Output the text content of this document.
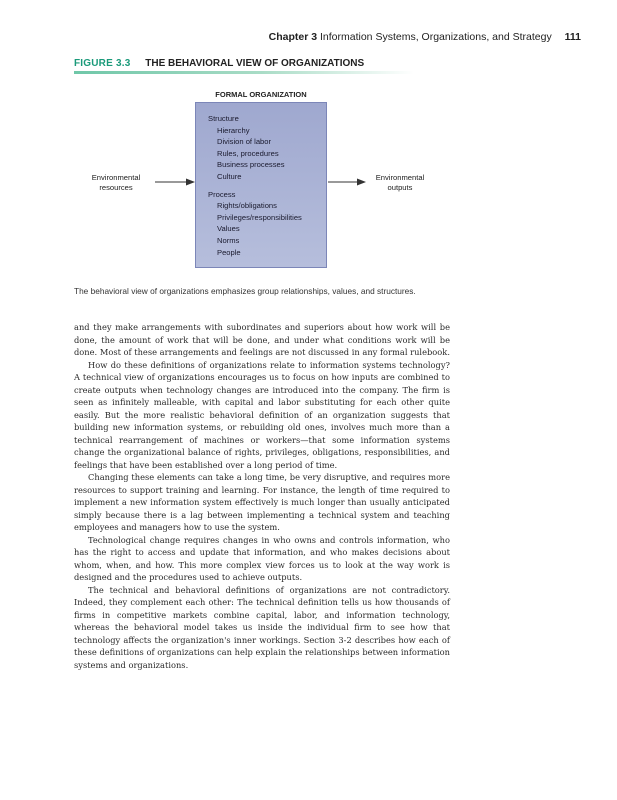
Chapter 3 Information Systems, Organizations, and Strategy 111
FIGURE 3.3 THE BEHAVIORAL VIEW OF ORGANIZATIONS
FORMAL ORGANIZATION
Structure
Hierarchy
Division of labor
Rules, procedures
Business processes
Culture
Process
Rights/obligations
Privileges/responsibilities
Values
Norms
People
Environmental
resources
Environmental
outputs
The behavioral view of organizations emphasizes group relationships, values, and structures.

and they make arrangements with subordinates and superiors about how work will be done, the amount of work that will be done, and under what conditions work will be done. Most of these arrangements and feelings are not discussed in any formal rulebook.

How do these definitions of organizations relate to information systems technology? A technical view of organizations encourages us to focus on how inputs are combined to create outputs when technology changes are introduced into the company. The firm is seen as infinitely malleable, with capital and labor substituting for each other quite easily. But the more realistic behavioral definition of an organization suggests that building new information systems, or rebuilding old ones, involves much more than a technical rearrangement of machines or workers—that some information systems change the organizational balance of rights, privileges, obligations, responsibilities, and feelings that have been established over a long period of time.

Changing these elements can take a long time, be very disruptive, and requires more resources to support training and learning. For instance, the length of time required to implement a new information system effectively is much longer than usually anticipated simply because there is a lag between implementing a technical system and teaching employees and managers how to use the system.

Technological change requires changes in who owns and controls information, who has the right to access and update that information, and who makes decisions about whom, when, and how. This more complex view forces us to look at the way work is designed and the procedures used to achieve outputs.

The technical and behavioral definitions of organizations are not contradictory. Indeed, they complement each other: The technical definition tells us how thousands of firms in competitive markets combine capital, labor, and information technology, whereas the behavioral model takes us inside the individual firm to see how that technology affects the organization's inner workings. Section 3-2 describes how each of these definitions of organizations can help explain the relationships between information systems and organizations.
